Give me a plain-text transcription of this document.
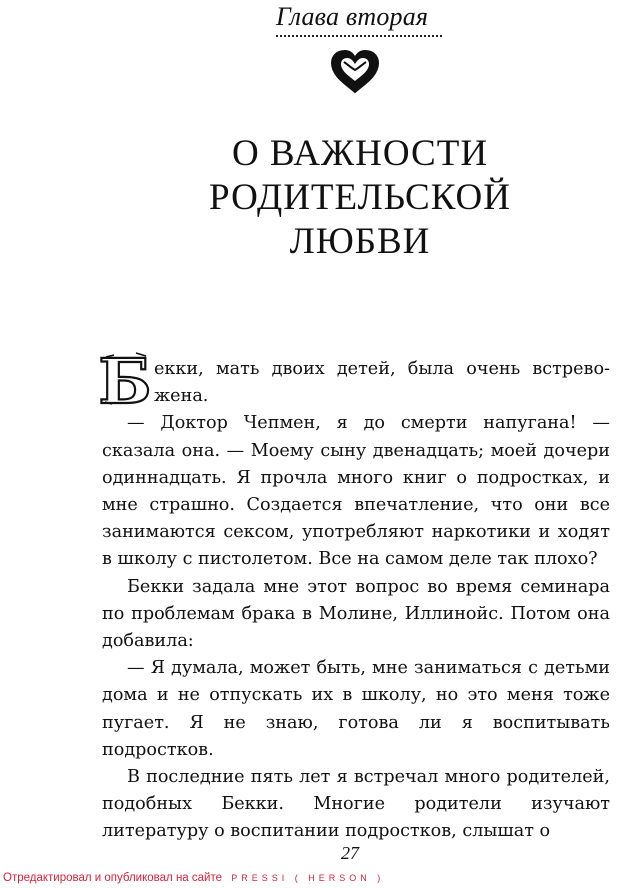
Глава вторая
О ВАЖНОСТИ
РОДИТЕЛЬСКОЙ
ЛЮБВИ
Б екки, мать двоих детей, была очень встрево-
жена.

— Доктор Чепмен, я до смерти напугана! — сказала она. — Моему сыну двенадцать; моей дочери одиннадцать. Я прочла много книг о подростках, и мне страшно. Создается впечатление, что они все занимаются сексом, употребляют наркотики и ходят в школу с пистолетом. Все на самом деле так плохо?

Бекки задала мне этот вопрос во время семинара по проблемам брака в Молине, Иллинойс. Потом она добавила:

— Я думала, может быть, мне заниматься с детьми дома и не отпускать их в школу, но это меня тоже пугает. Я не знаю, готова ли я воспитывать подростков.

В последние пять лет я встречал много родителей, подобных Бекки. Многие родители изучают литературу о воспитании подростков, слышат о

27
Отредактировал и опубликовал на сайте PRESSI ( HERSON )
